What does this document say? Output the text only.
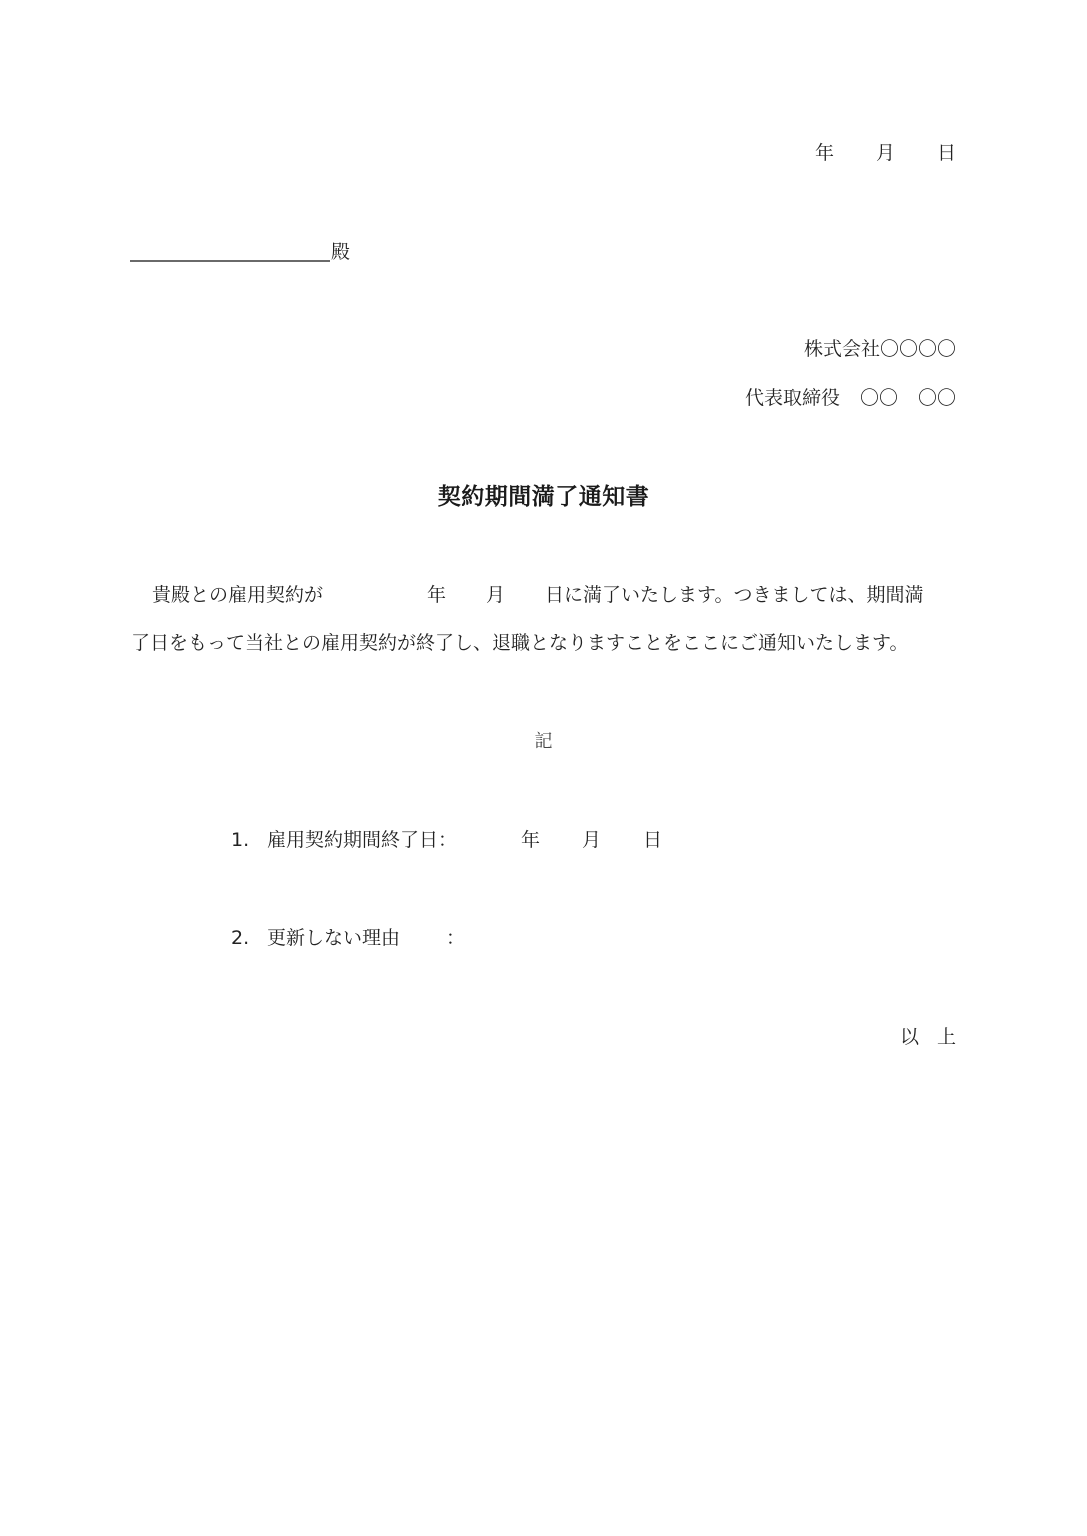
年 月 日
殿
株式会社〇〇〇〇
代表取締役 〇〇 〇〇
契約期間満了通知書
貴殿との雇用契約が	年 月 日に満了いたします。つきましては、期間満
了日をもって当社との雇用契約が終了し、退職となりますことをここにご通知いたします。
記
1. 雇用契約期間終了日：	年 月 日
2. 更新しない理由 ：
以 上
